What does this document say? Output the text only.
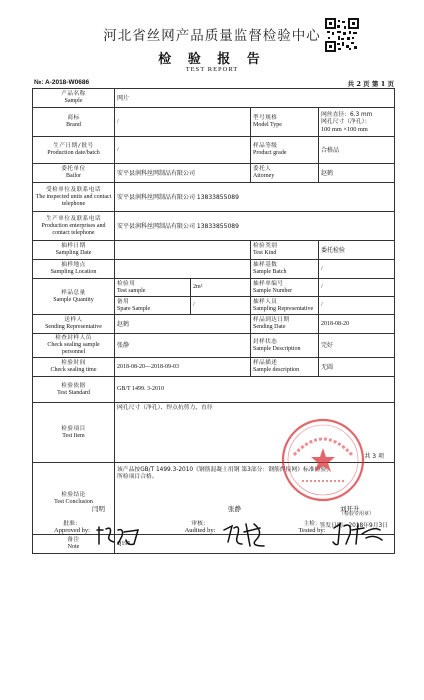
河北省丝网产品质量监督检验中心
检 验 报 告
TEST REPORT
№: A-2018-W0686	共 2 页 第 1 页
产品名称
Sample	网片			

商标
Brand	/		型号规格
Model Type	网丝直径：6.3 mm
网孔尺寸（净孔）：
100 mm ×100 mm

生产日期/批号
Production date/batch	/		样品等级
Product grade	合格品

委托单位
Bailor	安平县润科丝网制品有限公司		委托人
Attorney	赵鹤

受检单位及联系电话
The inspected units and contact telephone	安平县润科丝网制品有限公司 13833855089			

生产单位及联系电话
Production enterprises and contact telephone	安平县润科丝网制品有限公司 13833855089			

抽样日期
Sampling Date			检验类别
Test Kind	委托检验

抽样地点
Sampling Location			抽样基数
Sample Batch	/

样品总量
Sample Quantity	检验用
Test sample	2m²	抽样单编号
Sample Number	/

	备用
Spare Sample	/	抽样人员
Sampling Representative	/

送样人
Sending Representative	赵鹤		样品到达日期
Sending Date	2018-08-20

检查封样人员
Check sealing sample personnel	张静		封样状态
Sample Description	完好

检验时间
Check sealing time	2018-08-20—2018-09-03		样品描述
Sample description	无圆

检验依据
Test Standard	GB/T 1499. 3-2010			

检验项目
Test Item	网孔尺寸（净孔）、焊点抗剪力、直径
共 3 项			

检验结论
Test Conclusion	该产品按GB/T 1499.3-2010《钢筋混凝土用钢 第3部分：钢筋焊接网》标准检验，
所检项目合格。
（检验专用章）
签发日期：2018年9月3日			

备注
Note	Q195			
闫明	张静	刘开升
批准：
Approved by:
审核：
Audited by:
主检：
Tested by:
